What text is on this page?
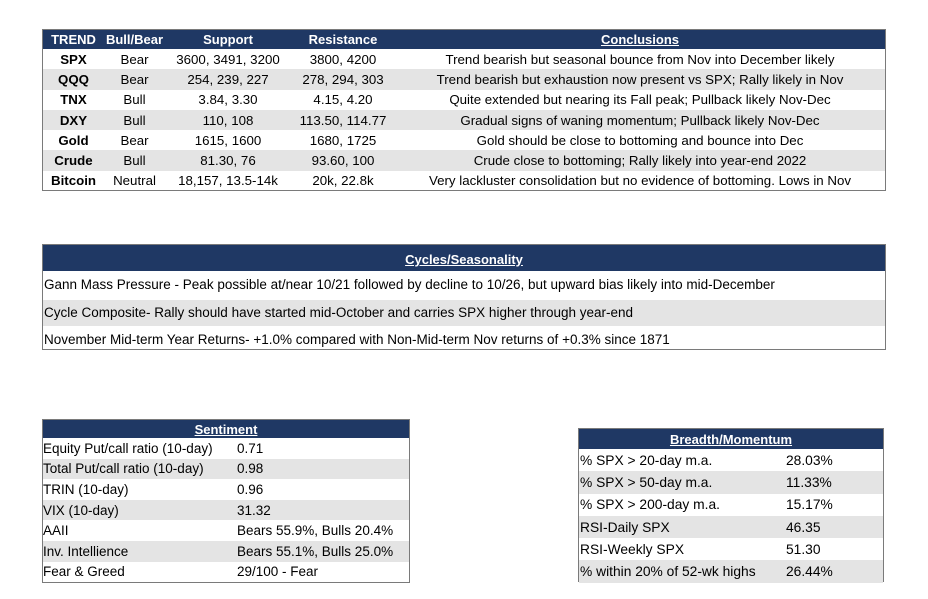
TREND	Bull/Bear	Support	Resistance	Conclusions
SPX	Bear	3600, 3491, 3200	3800, 4200	Trend bearish but seasonal bounce from Nov into December likely
QQQ	Bear	254, 239, 227	278, 294, 303	Trend bearish but exhaustion now present vs SPX; Rally likely in Nov
TNX	Bull	3.84, 3.30	4.15, 4.20	Quite extended but nearing its Fall peak; Pullback likely Nov-Dec
DXY	Bull	110, 108	113.50, 114.77	Gradual signs of waning momentum; Pullback likely Nov-Dec
Gold	Bear	1615, 1600	1680, 1725	Gold should be close to bottoming and bounce into Dec
Crude	Bull	81.30, 76	93.60, 100	Crude close to bottoming; Rally likely into year-end 2022
Bitcoin	Neutral	18,157, 13.5-14k	20k, 22.8k	Very lackluster consolidation but no evidence of bottoming. Lows in Nov
Cycles/Seasonality
Gann Mass Pressure - Peak possible at/near 10/21 followed by decline to 10/26, but upward bias likely into mid-December
Cycle Composite- Rally should have started mid-October and carries SPX higher through year-end
November Mid-term Year Returns- +1.0% compared with Non-Mid-term Nov returns of +0.3% since 1871
Sentiment
Equity Put/call ratio (10-day)	0.71
Total Put/call ratio (10-day)	0.98
TRIN (10-day)	0.96
VIX (10-day)	31.32
AAII	Bears 55.9%, Bulls 20.4%
Inv. Intellience	Bears 55.1%, Bulls 25.0%
Fear & Greed	29/100 - Fear
Breadth/Momentum
% SPX > 20-day m.a.	28.03%
% SPX > 50-day m.a.	11.33%
% SPX > 200-day m.a.	15.17%
RSI-Daily SPX	46.35
RSI-Weekly SPX	51.30
% within 20% of 52-wk highs	26.44%
